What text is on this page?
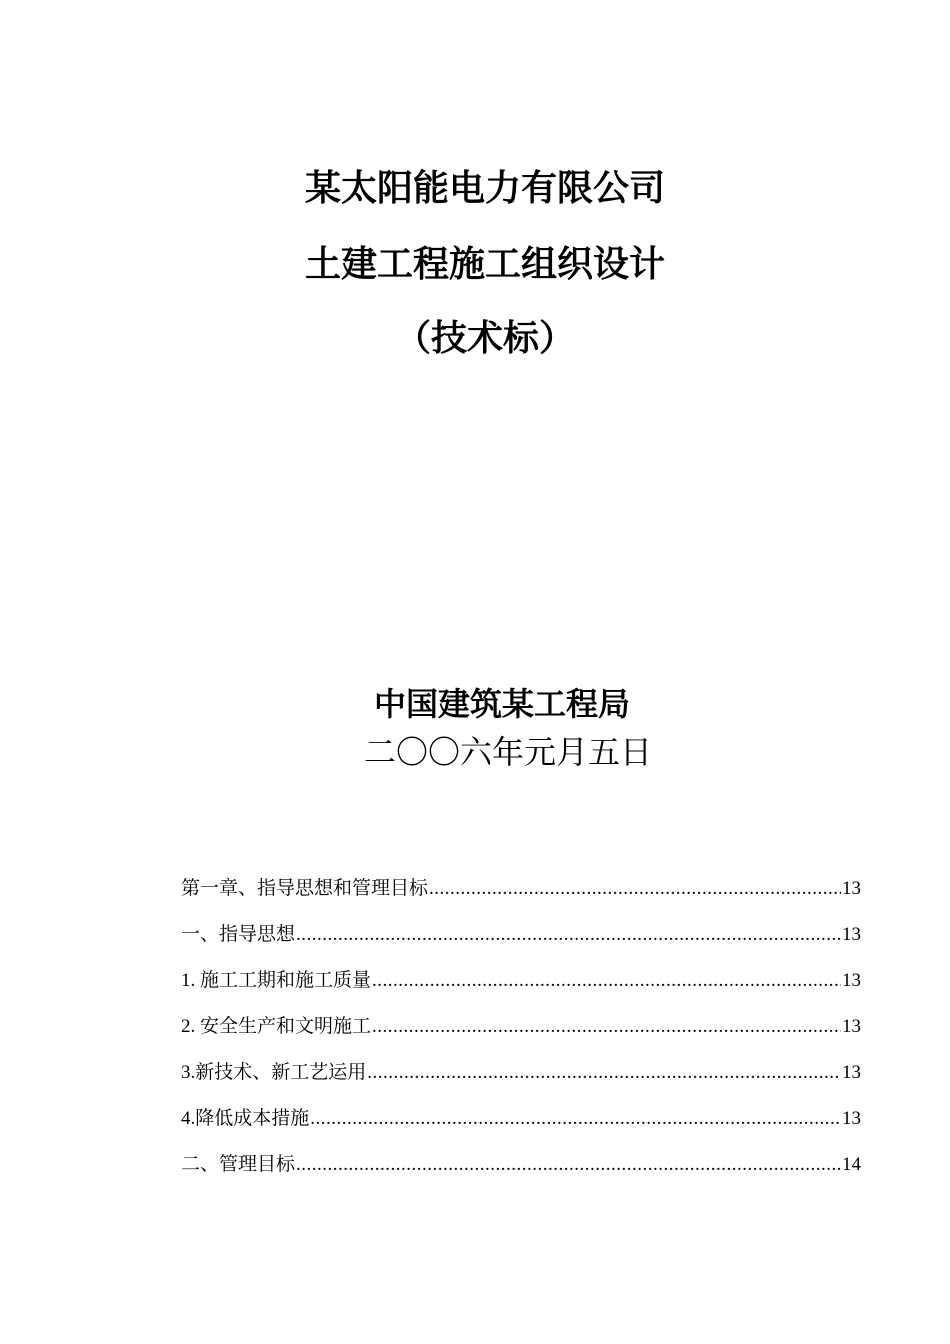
某太阳能电力有限公司
土建工程施工组织设计
（技术标）
中国建筑某工程局
二〇〇六年元月五日
第一章、指导思想和管理目标 .....	13
一、指导思想 .....	13
1. 施工工期和施工质量 .....	13
2. 安全生产和文明施工 .....	13
3.新技术、新工艺运用 .....	13
4.降低成本措施 .....	13
二、管理目标 .....	14
